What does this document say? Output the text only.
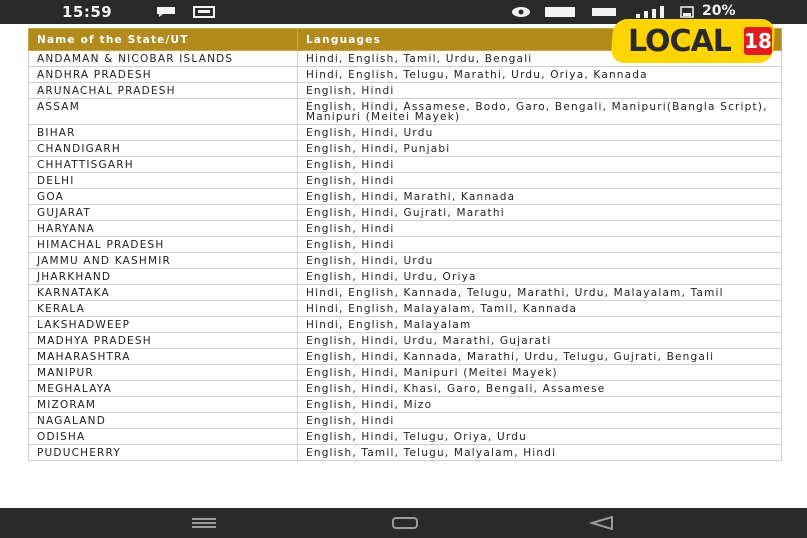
15:59	20%
Name of the State/UT	Languages
ANDAMAN & NICOBAR ISLANDS	Hindi, English, Tamil, Urdu, Bengali
ANDHRA PRADESH	Hindi, English, Telugu, Marathi, Urdu, Oriya, Kannada
ARUNACHAL PRADESH	English, Hindi
ASSAM	English, Hindi, Assamese, Bodo, Garo, Bengali, Manipuri(Bangla Script), Manipuri (Meitei Mayek)
BIHAR	English, Hindi, Urdu
CHANDIGARH	English, Hindi, Punjabi
CHHATTISGARH	English, Hindi
DELHI	English, Hindi
GOA	English, Hindi, Marathi, Kannada
GUJARAT	English, Hindi, Gujrati, Marathi
HARYANA	English, Hindi
HIMACHAL PRADESH	English, Hindi
JAMMU AND KASHMIR	English, Hindi, Urdu
JHARKHAND	English, Hindi, Urdu, Oriya
KARNATAKA	Hindi, English, Kannada, Telugu, Marathi, Urdu, Malayalam, Tamil
KERALA	Hindi, English, Malayalam, Tamil, Kannada
LAKSHADWEEP	Hindi, English, Malayalam
MADHYA PRADESH	English, Hindi, Urdu, Marathi, Gujarati
MAHARASHTRA	English, Hindi, Kannada, Marathi, Urdu, Telugu, Gujrati, Bengali
MANIPUR	English, Hindi, Manipuri (Meitei Mayek)
MEGHALAYA	English, Hindi, Khasi, Garo, Bengali, Assamese
MIZORAM	English, Hindi, Mizo
NAGALAND	English, Hindi
ODISHA	English, Hindi, Telugu, Oriya, Urdu
PUDUCHERRY	English, Tamil, Telugu, Malyalam, Hindi
LOCAL 18
